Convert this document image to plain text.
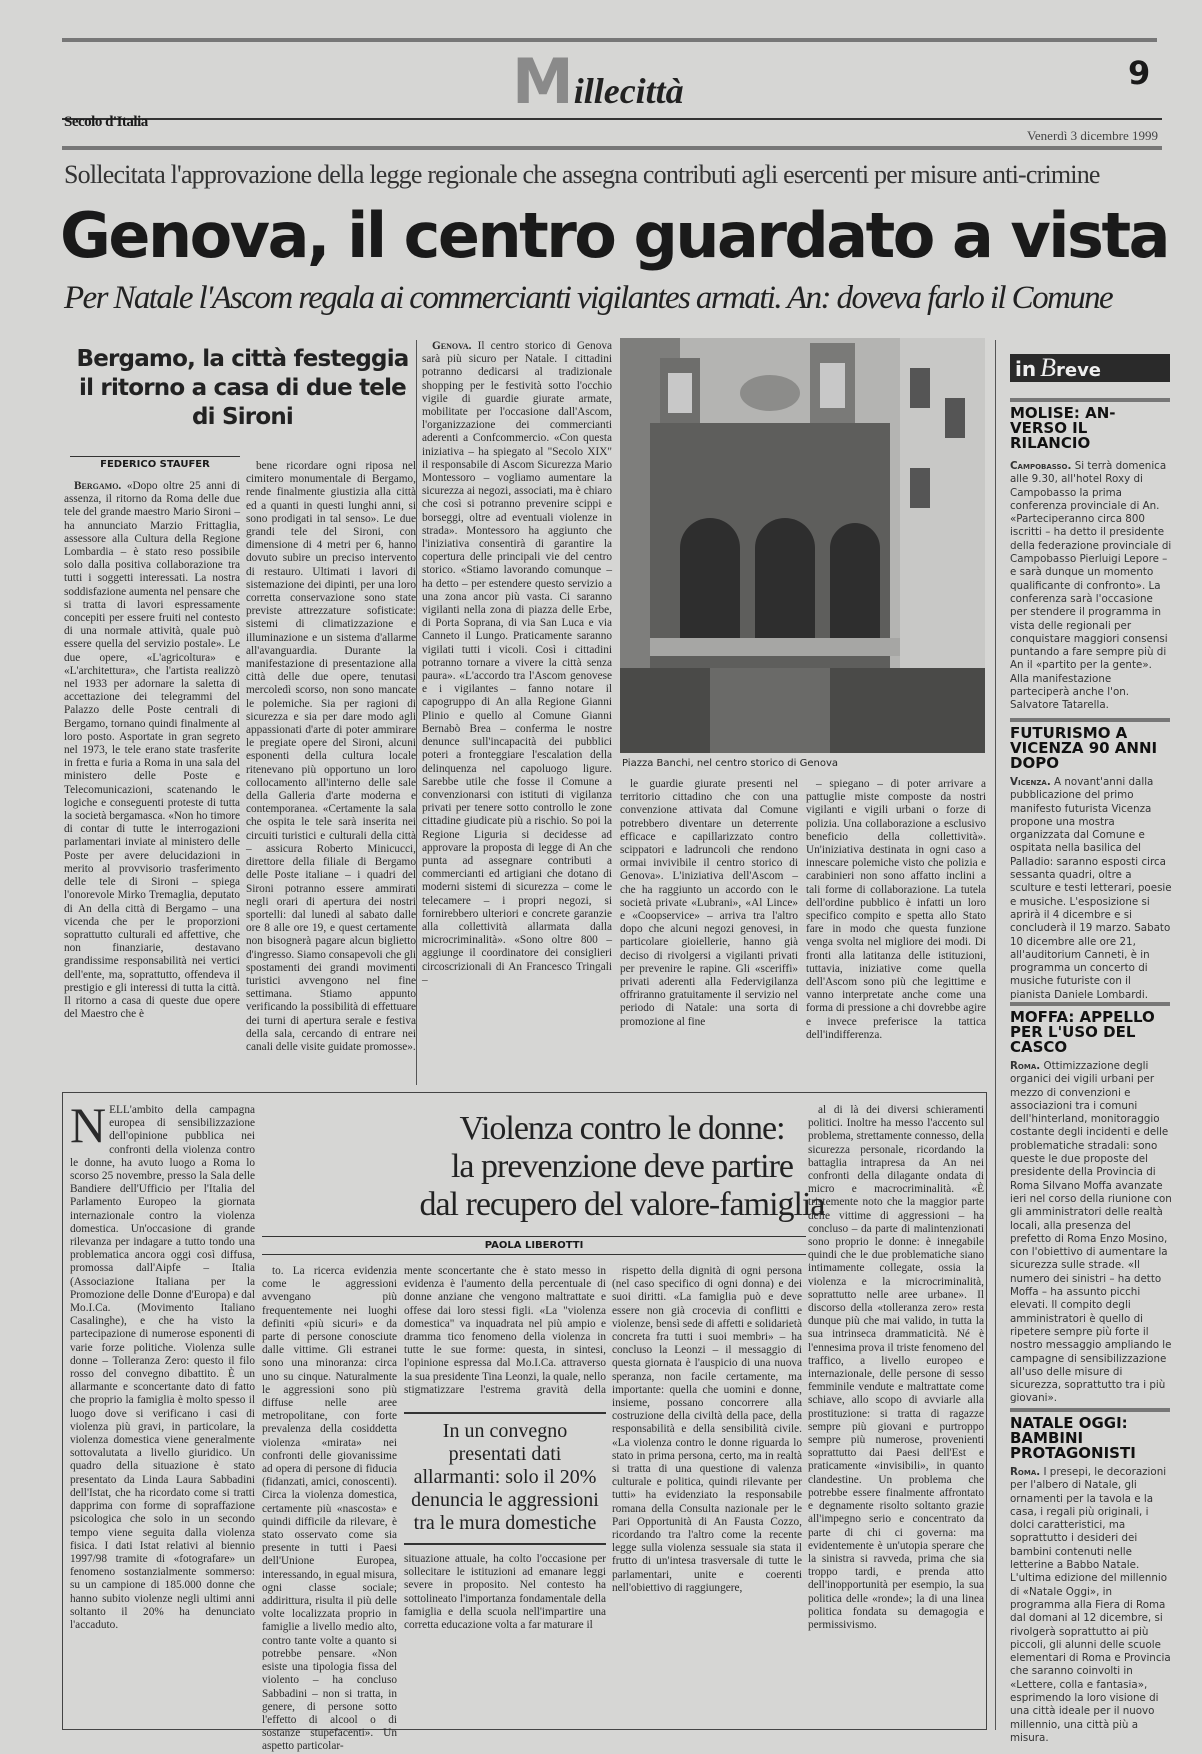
Millecittà	9
Secolo d'Italia
Venerdì 3 dicembre 1999
Sollecitata l'approvazione della legge regionale che assegna contributi agli esercenti per misure anti-crimine
Genova, il centro guardato a vista
Per Natale l'Ascom regala ai commercianti vigilantes armati. An: doveva farlo il Comune
Bergamo, la città festeggia il ritorno a casa di due tele di Sironi
FEDERICO STAUFER

Bergamo. «Dopo oltre 25 anni di assenza, il ritorno da Roma delle due tele del grande maestro Mario Sironi – ha annunciato Marzio Frittaglia, assessore alla Cultura della Regione Lombardia – è stato reso possibile solo dalla positiva collaborazione tra tutti i soggetti interessati. La nostra soddisfazione aumenta nel pensare che si tratta di lavori espressamente concepiti per essere fruiti nel contesto di una normale attività, quale può essere quella del servizio postale». Le due opere, «L'agricoltura» e «L'architettura», che l'artista realizzò nel 1933 per adornare la saletta di accettazione dei telegrammi del Palazzo delle Poste centrali di Bergamo, tornano quindi finalmente al loro posto. Asportate in gran segreto nel 1973, le tele erano state trasferite in fretta e furia a Roma in una sala del ministero delle Poste e Telecomunicazioni, scatenando le logiche e conseguenti proteste di tutta la società bergamasca. «Non ho timore di contar di tutte le interrogazioni parlamentari inviate al ministero delle Poste per avere delucidazioni in merito al provvisorio trasferimento delle tele di Sironi – spiega l'onorevole Mirko Tremaglia, deputato di An della città di Bergamo – una vicenda che per le proporzioni soprattutto culturali ed affettive, che non finanziarie, destavano grandissime responsabilità nei vertici dell'ente, ma, soprattutto, offendeva il prestigio e gli interessi di tutta la città. Il ritorno a casa di queste due opere del Maestro che è

bene ricordare ogni riposa nel cimitero monumentale di Bergamo, rende finalmente giustizia alla città ed a quanti in questi lunghi anni, si sono prodigati in tal senso». Le due grandi tele del Sironi, con dimensione di 4 metri per 6, hanno dovuto subire un preciso intervento di restauro. Ultimati i lavori di sistemazione dei dipinti, per una loro corretta conservazione sono state previste attrezzature sofisticate: sistemi di climatizzazione e illuminazione e un sistema d'allarme all'avanguardia. Durante la manifestazione di presentazione alla città delle due opere, tenutasi mercoledì scorso, non sono mancate le polemiche. Sia per ragioni di sicurezza e sia per dare modo agli appassionati d'arte di poter ammirare le pregiate opere del Sironi, alcuni esponenti della cultura locale ritenevano più opportuno un loro collocamento all'interno delle sale della Galleria d'arte moderna e contemporanea. «Certamente la sala che ospita le tele sarà inserita nei circuiti turistici e culturali della città – assicura Roberto Minicucci, direttore della filiale di Bergamo delle Poste italiane – i quadri del Sironi potranno essere ammirati negli orari di apertura dei nostri sportelli: dal lunedì al sabato dalle ore 8 alle ore 19, e quest certamente non bisognerà pagare alcun biglietto d'ingresso. Siamo consapevoli che gli spostamenti dei grandi movimenti turistici avvengono nel fine settimana. Stiamo appunto verificando la possibilità di effettuare dei turni di apertura serale e festiva della sala, cercando di entrare nei canali delle visite guidate promosse».

Genova. Il centro storico di Genova sarà più sicuro per Natale. I cittadini potranno dedicarsi al tradizionale shopping per le festività sotto l'occhio vigile di guardie giurate armate, mobilitate per l'occasione dall'Ascom, l'organizzazione dei commercianti aderenti a Confcommercio. «Con questa iniziativa – ha spiegato al "Secolo XIX" il responsabile di Ascom Sicurezza Mario Montessoro – vogliamo aumentare la sicurezza ai negozi, associati, ma è chiaro che così si potranno prevenire scippi e borseggi, oltre ad eventuali violenze in strada». Montessoro ha aggiunto che l'iniziativa consentirà di garantire la copertura delle principali vie del centro storico. «Stiamo lavorando comunque – ha detto – per estendere questo servizio a una zona ancor più vasta. Ci saranno vigilanti nella zona di piazza delle Erbe, di Porta Soprana, di via San Luca e via Canneto il Lungo. Praticamente saranno vigilati tutti i vicoli. Così i cittadini potranno tornare a vivere la città senza paura». «L'accordo tra l'Ascom genovese e i vigilantes – fanno notare il capogruppo di An alla Regione Gianni Plinio e quello al Comune Gianni Bernabò Brea – conferma le nostre denunce sull'incapacità dei pubblici poteri a fronteggiare l'escalation della delinquenza nel capoluogo ligure. Sarebbe utile che fosse il Comune a convenzionarsi con istituti di vigilanza privati per tenere sotto controllo le zone cittadine giudicate più a rischio. So poi la Regione Liguria si decidesse ad approvare la proposta di legge di An che punta ad assegnare contributi a commercianti ed artigiani che dotano di moderni sistemi di sicurezza – come le telecamere – i propri negozi, si fornirebbero ulteriori e concrete garanzie alla collettività allarmata dalla microcriminalità». «Sono oltre 800 – aggiunge il coordinatore dei consiglieri circoscrizionali di An Francesco Tringali –

Piazza Banchi, nel centro storico di Genova

le guardie giurate presenti nel territorio cittadino che con una convenzione attivata dal Comune potrebbero diventare un deterrente efficace e capillarizzato contro scippatori e ladruncoli che rendono ormai invivibile il centro storico di Genova». L'iniziativa dell'Ascom – che ha raggiunto un accordo con le società private «Lubrani», «Al Lince» e «Coopservice» – arriva tra l'altro dopo che alcuni negozi genovesi, in particolare gioiellerie, hanno già deciso di rivolgersi a vigilanti privati per prevenire le rapine. Gli «sceriffi» privati aderenti alla Federvigilanza offriranno gratuitamente il servizio nel periodo di Natale: una sorta di promozione al fine

– spiegano – di poter arrivare a pattuglie miste composte da nostri vigilanti e vigili urbani o forze di polizia. Una collaborazione a esclusivo beneficio della collettività». Un'iniziativa destinata in ogni caso a innescare polemiche visto che polizia e carabinieri non sono affatto inclini a tali forme di collaborazione. La tutela dell'ordine pubblico è infatti un loro specifico compito e spetta allo Stato fare in modo che questa funzione venga svolta nel migliore dei modi. Di fronti alla latitanza delle istituzioni, tuttavia, iniziative come quella dell'Ascom sono più che legittime e vanno interpretate anche come una forma di pressione a chi dovrebbe agire e invece preferisce la tattica dell'indifferenza.

NELL'ambito della campagna europea di sensibilizzazione dell'opinione pubblica nei confronti della violenza contro le donne, ha avuto luogo a Roma lo scorso 25 novembre, presso la Sala delle Bandiere dell'Ufficio per l'Italia del Parlamento Europeo la giornata internazionale contro la violenza domestica. Un'occasione di grande rilevanza per indagare a tutto tondo una problematica ancora oggi così diffusa, promossa dall'Aipfe – Italia (Associazione Italiana per la Promozione delle Donne d'Europa) e dal Mo.I.Ca. (Movimento Italiano Casalinghe), e che ha visto la partecipazione di numerose esponenti di varie forze politiche. Violenza sulle donne – Tolleranza Zero: questo il filo rosso del convegno dibattito. È un allarmante e sconcertante dato di fatto che proprio la famiglia è molto spesso il luogo dove si verificano i casi di violenza più gravi, in particolare, la violenza domestica viene generalmente sottovalutata a livello giuridico. Un quadro della situazione è stato presentato da Linda Laura Sabbadini dell'Istat, che ha ricordato come si tratti dapprima con forme di sopraffazione psicologica che solo in un secondo tempo viene seguita dalla violenza fisica. I dati Istat relativi al biennio 1997/98 tramite di «fotografare» un fenomeno sostanzialmente sommerso: su un campione di 185.000 donne che hanno subito violenze negli ultimi anni soltanto il 20% ha denunciato l'accaduto.
Violenza contro le donne:
la prevenzione deve partire
dal recupero del valore-famiglia
PAOLA LIBEROTTI

to. La ricerca evidenzia come le aggressioni avvengano più frequentemente nei luoghi definiti «più sicuri» e da parte di persone conosciute dalle vittime. Gli estranei sono una minoranza: circa uno su cinque. Naturalmente le aggressioni sono più diffuse nelle aree metropolitane, con forte prevalenza della cosiddetta violenza «mirata» nei confronti delle giovanissime ad opera di persone di fiducia (fidanzati, amici, conoscenti). Circa la violenza domestica, certamente più «nascosta» e quindi difficile da rilevare, è stato osservato come sia presente in tutti i Paesi dell'Unione Europea, interessando, in egual misura, ogni classe sociale; addirittura, risulta il più delle volte localizzata proprio in famiglie a livello medio alto, contro tante volte a quanto si potrebbe pensare. «Non esiste una tipologia fissa del violento – ha concluso Sabbadini – non si tratta, in genere, di persone sotto l'effetto di alcool o di sostanze stupefacenti». Un aspetto particolar-

In un convegno presentati dati allarmanti: solo il 20% denuncia le aggressioni tra le mura domestiche
mente sconcertante che è stato messo in evidenza è l'aumento della percentuale di donne anziane che vengono maltrattate e offese dai loro stessi figli. «La "violenza domestica" va inquadrata nel più ampio e dramma tico fenomeno della violenza in tutte le sue forme: questa, in sintesi, l'opinione espressa dal Mo.I.Ca. attraverso la sua presidente Tina Leonzi, la quale, nello stigmatizzare l'estrema gravità della situazione attuale, ha colto l'occasione per sollecitare le istituzioni ad emanare leggi severe in proposito. Nel contesto ha sottolineato l'importanza fondamentale della famiglia e della scuola nell'impartire una corretta educazione volta a far maturare il

rispetto della dignità di ogni persona (nel caso specifico di ogni donna) e dei suoi diritti. «La famiglia può e deve essere non già crocevia di conflitti e violenze, bensì sede di affetti e solidarietà concreta fra tutti i suoi membri» – ha concluso la Leonzi – il messaggio di questa giornata è l'auspicio di una nuova speranza, non facile certamente, ma importante: quella che uomini e donne, insieme, possano concorrere alla costruzione della civiltà della pace, della responsabilità e della sensibilità civile. «La violenza contro le donne riguarda lo stato in prima persona, certo, ma in realtà si tratta di una questione di valenza culturale e politica, quindi rilevante per tutti» ha evidenziato la responsabile romana della Consulta nazionale per le Pari Opportunità di An Fausta Cozzo, ricordando tra l'altro come la recente legge sulla violenza sessuale sia stata il frutto di un'intesa trasversale di tutte le parlamentari, unite e coerenti nell'obiettivo di raggiungere,

al di là dei diversi schieramenti politici. Inoltre ha messo l'accento sul problema, strettamente connesso, della sicurezza personale, ricordando la battaglia intrapresa da An nei confronti della dilagante ondata di micro e macrocriminalità. «È tristemente noto che la maggior parte delle vittime di aggressioni – ha concluso – da parte di malintenzionati sono proprio le donne: è innegabile quindi che le due problematiche siano intimamente collegate, ossia la violenza e la microcriminalità, soprattutto nelle aree urbane». Il discorso della «tolleranza zero» resta dunque più che mai valido, in tutta la sua intrinseca drammaticità. Né è l'ennesima prova il triste fenomeno del traffico, a livello europeo e internazionale, delle persone di sesso femminile vendute e maltrattate come schiave, allo scopo di avviarle alla prostituzione: si tratta di ragazze sempre più giovani e purtroppo sempre più numerose, provenienti soprattutto dai Paesi dell'Est e praticamente «invisibili», in quanto clandestine. Un problema che potrebbe essere finalmente affrontato e degnamente risolto soltanto grazie all'impegno serio e concentrato da parte di chi ci governa: ma evidentemente è un'utopia sperare che la sinistra si ravveda, prima che sia troppo tardi, e prenda atto dell'inopportunità per esempio, la sua politica delle «ronde»; la di una linea politica fondata su demagogia e permissivismo.

in Breve
MOLISE: AN-VERSO IL RILANCIO
Campobasso. Si terrà domenica alle 9.30, all'hotel Roxy di Campobasso la prima conferenza provinciale di An. «Parteciperanno circa 800 iscritti – ha detto il presidente della federazione provinciale di Campobasso Pierluigi Lepore – e sarà dunque un momento qualificante di confronto». La conferenza sarà l'occasione per stendere il programma in vista delle regionali per conquistare maggiori consensi puntando a fare sempre più di An il «partito per la gente». Alla manifestazione parteciperà anche l'on. Salvatore Tatarella.
FUTURISMO A VICENZA 90 ANNI DOPO
Vicenza. A novant'anni dalla pubblicazione del primo manifesto futurista Vicenza propone una mostra organizzata dal Comune e ospitata nella basilica del Palladio: saranno esposti circa sessanta quadri, oltre a sculture e testi letterari, poesie e musiche. L'esposizione si aprirà il 4 dicembre e si concluderà il 19 marzo. Sabato 10 dicembre alle ore 21, all'auditorium Canneti, è in programma un concerto di musiche futuriste con il pianista Daniele Lombardi.
MOFFA: APPELLO PER L'USO DEL CASCO
Roma. Ottimizzazione degli organici dei vigili urbani per mezzo di convenzioni e associazioni tra i comuni dell'hinterland, monitoraggio costante degli incidenti e delle problematiche stradali: sono queste le due proposte del presidente della Provincia di Roma Silvano Moffa avanzate ieri nel corso della riunione con gli amministratori delle realtà locali, alla presenza del prefetto di Roma Enzo Mosino, con l'obiettivo di aumentare la sicurezza sulle strade. «Il numero dei sinistri – ha detto Moffa – ha assunto picchi elevati. Il compito degli amministratori è quello di ripetere sempre più forte il nostro messaggio ampliando le campagne di sensibilizzazione all'uso delle misure di sicurezza, soprattutto tra i più giovani».
NATALE OGGI: BAMBINI PROTAGONISTI
Roma. I presepi, le decorazioni per l'albero di Natale, gli ornamenti per la tavola e la casa, i regali più originali, i dolci caratteristici, ma soprattutto i desideri dei bambini contenuti nelle letterine a Babbo Natale. L'ultima edizione del millennio di «Natale Oggi», in programma alla Fiera di Roma dal domani al 12 dicembre, si rivolgerà soprattutto ai più piccoli, gli alunni delle scuole elementari di Roma e Provincia che saranno coinvolti in «Lettere, colla e fantasia», esprimendo la loro visione di una città ideale per il nuovo millennio, una città più a misura.
